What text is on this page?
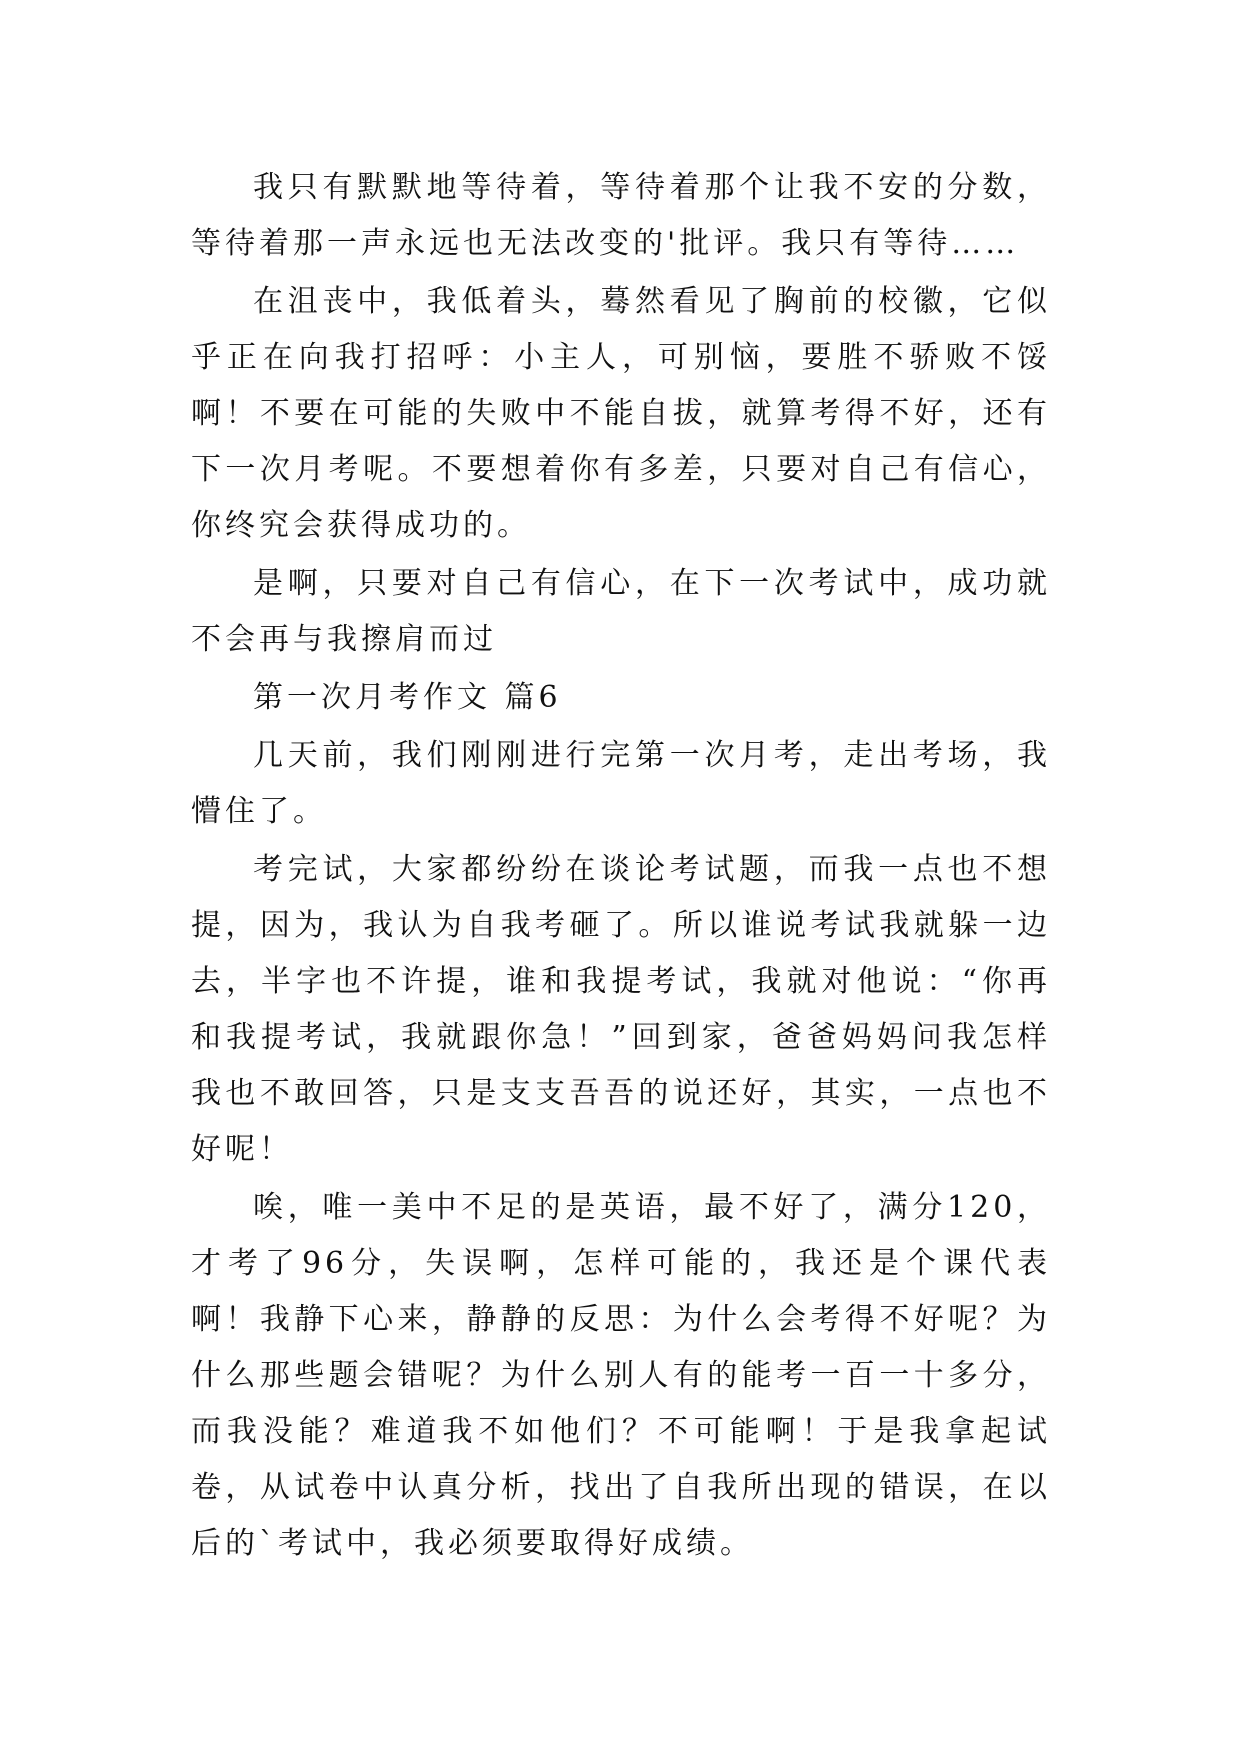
我只有默默地等待着，等待着那个让我不安的分数，等待着那一声永远也无法改变的'批评。我只有等待……

在沮丧中，我低着头，蓦然看见了胸前的校徽，它似乎正在向我打招呼：小主人，可别恼，要胜不骄败不馁啊！不要在可能的失败中不能自拔，就算考得不好，还有下一次月考呢。不要想着你有多差，只要对自己有信心，你终究会获得成功的。

是啊，只要对自己有信心，在下一次考试中，成功就不会再与我擦肩而过

第一次月考作文 篇6

几天前，我们刚刚进行完第一次月考，走出考场，我懵住了。

考完试，大家都纷纷在谈论考试题，而我一点也不想提，因为，我认为自我考砸了。所以谁说考试我就躲一边去，半字也不许提，谁和我提考试，我就对他说：“你再和我提考试，我就跟你急！”回到家，爸爸妈妈问我怎样我也不敢回答，只是支支吾吾的说还好，其实，一点也不好呢！

唉，唯一美中不足的是英语，最不好了，满分120，才考了96分，失误啊，怎样可能的，我还是个课代表啊！我静下心来，静静的反思：为什么会考得不好呢？为什么那些题会错呢？为什么别人有的能考一百一十多分，而我没能？难道我不如他们？不可能啊！于是我拿起试卷，从试卷中认真分析，找出了自我所出现的错误，在以后的`考试中，我必须要取得好成绩。
